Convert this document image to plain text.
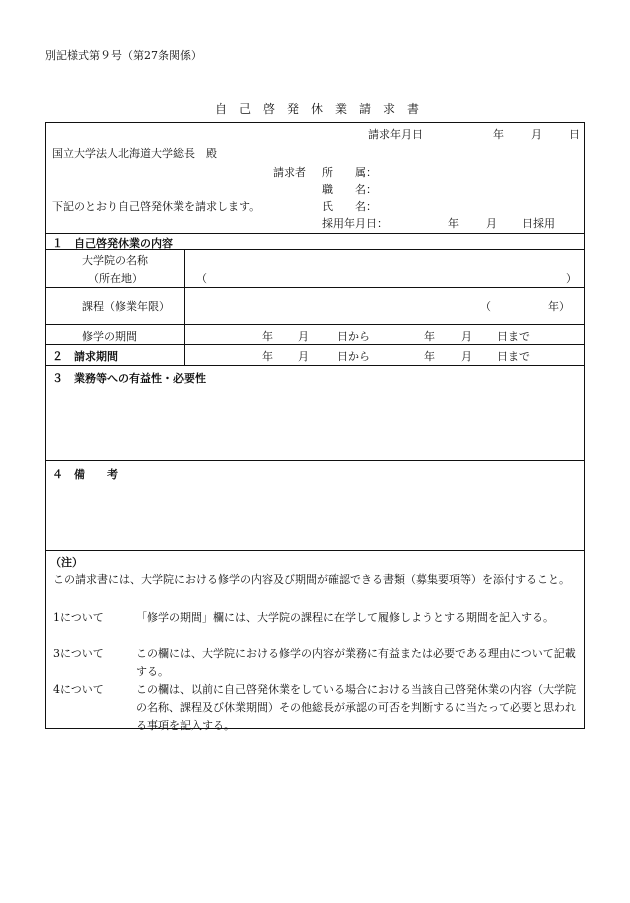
別記様式第９号（第27条関係）
自己啓発休業請求書
請求年月日	年 月 日
国立大学法人北海道大学総長　殿
請求者 所　　属：
職　　名：
下記のとおり自己啓発休業を請求します。	氏　　名：
採用年月日：	年 月 日採用
１　自己啓発休業の内容
大学院の名称
（所在地）	（	）
課程（修業年限）	（	年）
修学の期間	年 月	日から	年 月 日まで
２　請求期間	年 月	日から	年 月 日まで
３　業務等への有益性・必要性
４　備　　考
（注）
この請求書には、大学院における修学の内容及び期間が確認できる書類（募集要項等）を添付すること。
1について	「修学の期間」欄には、大学院の課程に在学して履修しようとする期間を記入する。
3について	この欄には、大学院における修学の内容が業務に有益または必要である理由について記載する。
4について	この欄は、以前に自己啓発休業をしている場合における当該自己啓発休業の内容（大学院の名称、課程及び休業期間）その他総長が承認の可否を判断するに当たって必要と思われる事項を記入する。
